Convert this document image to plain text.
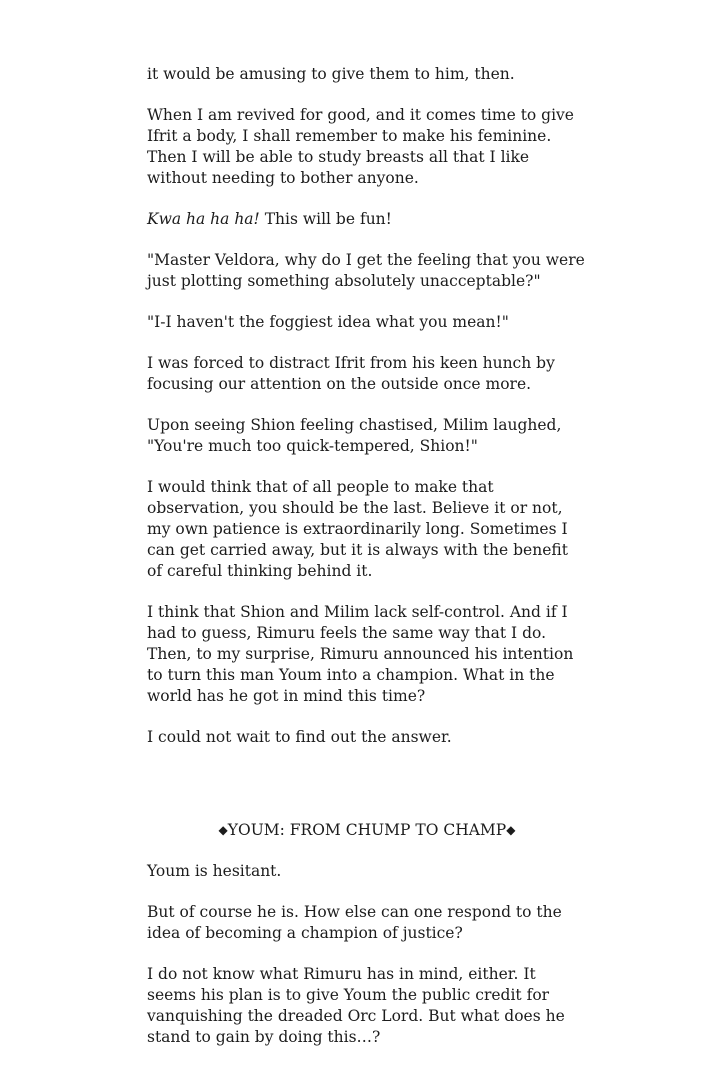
it would be amusing to give them to him, then.

When I am revived for good, and it comes time to give Ifrit a body, I shall remember to make his feminine. Then I will be able to study breasts all that I like without needing to bother anyone.

Kwa ha ha ha! This will be fun!

"Master Veldora, why do I get the feeling that you were just plotting something absolutely unacceptable?"

"I-I haven't the foggiest idea what you mean!"

I was forced to distract Ifrit from his keen hunch by focusing our attention on the outside once more.

Upon seeing Shion feeling chastised, Milim laughed, "You're much too quick-tempered, Shion!"

I would think that of all people to make that observation, you should be the last. Believe it or not, my own patience is extraordinarily long. Sometimes I can get carried away, but it is always with the benefit of careful thinking behind it.

I think that Shion and Milim lack self-control. And if I had to guess, Rimuru feels the same way that I do. Then, to my surprise, Rimuru announced his intention to turn this man Youm into a champion. What in the world has he got in mind this time?

I could not wait to find out the answer.

◆YOUM: FROM CHUMP TO CHAMP◆

Youm is hesitant.

But of course he is. How else can one respond to the idea of becoming a champion of justice?

I do not know what Rimuru has in mind, either. It seems his plan is to give Youm the public credit for vanquishing the dreaded Orc Lord. But what does he stand to gain by doing this…?
